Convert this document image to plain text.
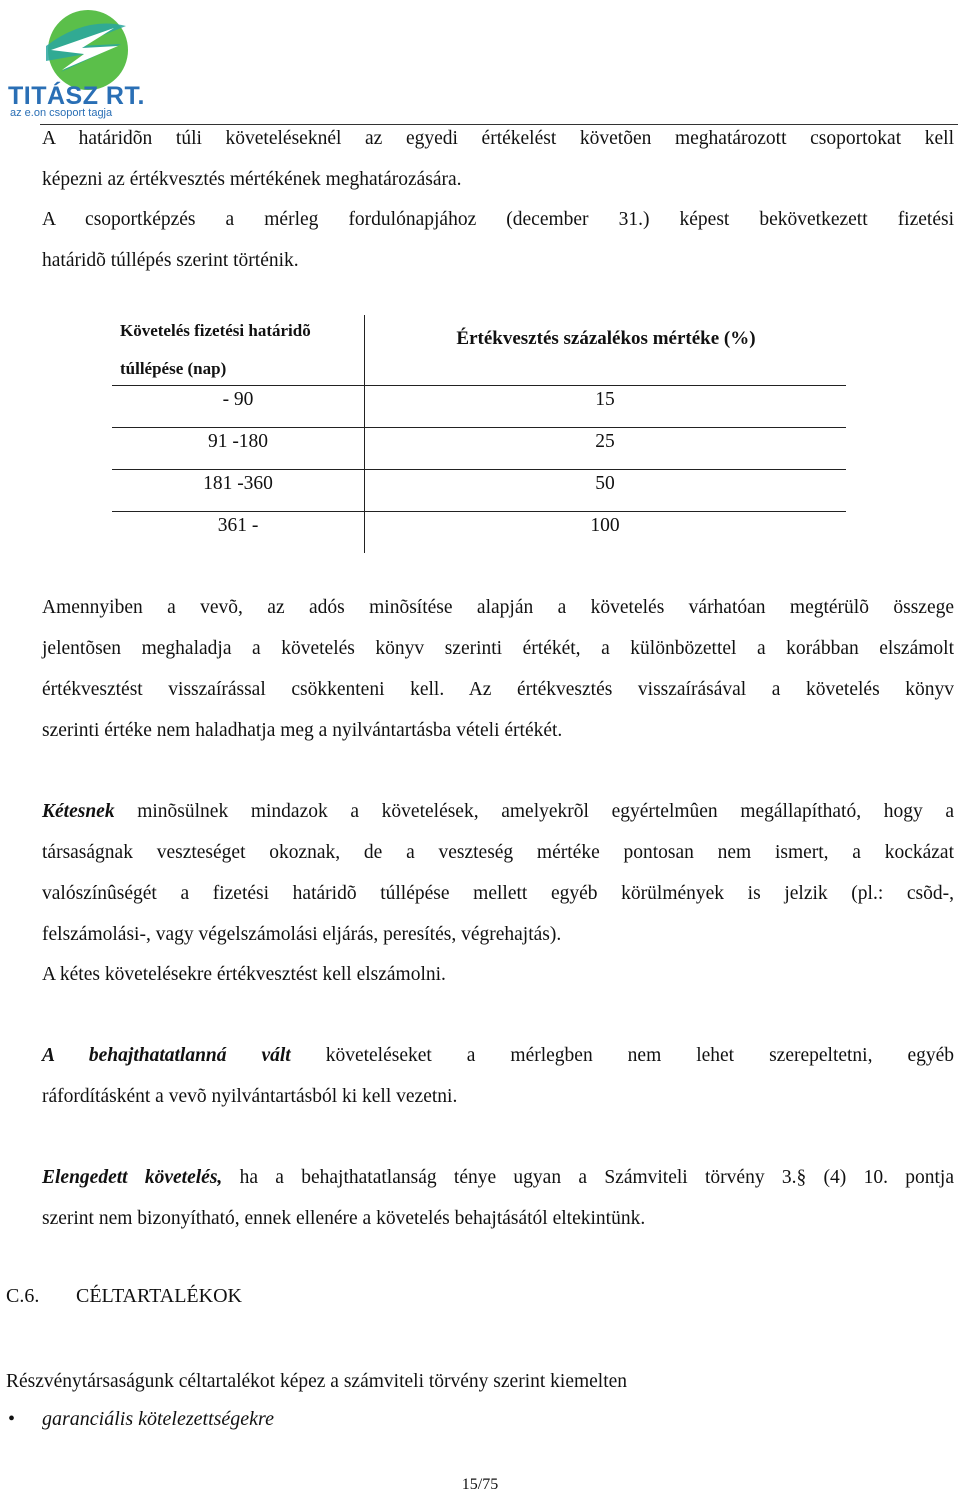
TITÁSZ RT.
az e.on csoport tagja
A határidõn túli követeléseknél az egyedi értékelést követõen meghatározott csoportokat kell
képezni az értékvesztés mértékének meghatározására.
A csoportképzés a mérleg fordulónapjához (december 31.) képest bekövetkezett fizetési
határidõ túllépés szerint történik.
Követelés fizetési határidõ
túllépése (nap)
Értékvesztés százalékos mértéke (%)
- 90	15
91 -180	25
181 -360	50
361 -	100
Amennyiben a vevõ, az adós minõsítése alapján a követelés várhatóan megtérülõ összege
jelentõsen meghaladja a követelés könyv szerinti értékét, a különbözettel a korábban elszámolt
értékvesztést visszaírással csökkenteni kell. Az értékvesztés visszaírásával a követelés könyv
szerinti értéke nem haladhatja meg a nyilvántartásba vételi értékét.
Kétesnek minõsülnek mindazok a követelések, amelyekrõl egyértelmûen megállapítható, hogy a
társaságnak veszteséget okoznak, de a veszteség mértéke pontosan nem ismert, a kockázat
valószínûségét a fizetési határidõ túllépése mellett egyéb körülmények is jelzik (pl.: csõd-,
felszámolási-, vagy végelszámolási eljárás, peresítés, végrehajtás).
A kétes követelésekre értékvesztést kell elszámolni.
A behajthatatlanná vált követeléseket a mérlegben nem lehet szerepeltetni, egyéb
ráfordításként a vevõ nyilvántartásból ki kell vezetni.
Elengedett követelés, ha a behajthatatlanság ténye ugyan a Számviteli törvény 3.§ (4) 10. pontja
szerint nem bizonyítható, ennek ellenére a követelés behajtásától eltekintünk.
C.6. CÉLTARTALÉKOK
Részvénytársaságunk céltartalékot képez a számviteli törvény szerint kiemelten
• garanciális kötelezettségekre
15/75
